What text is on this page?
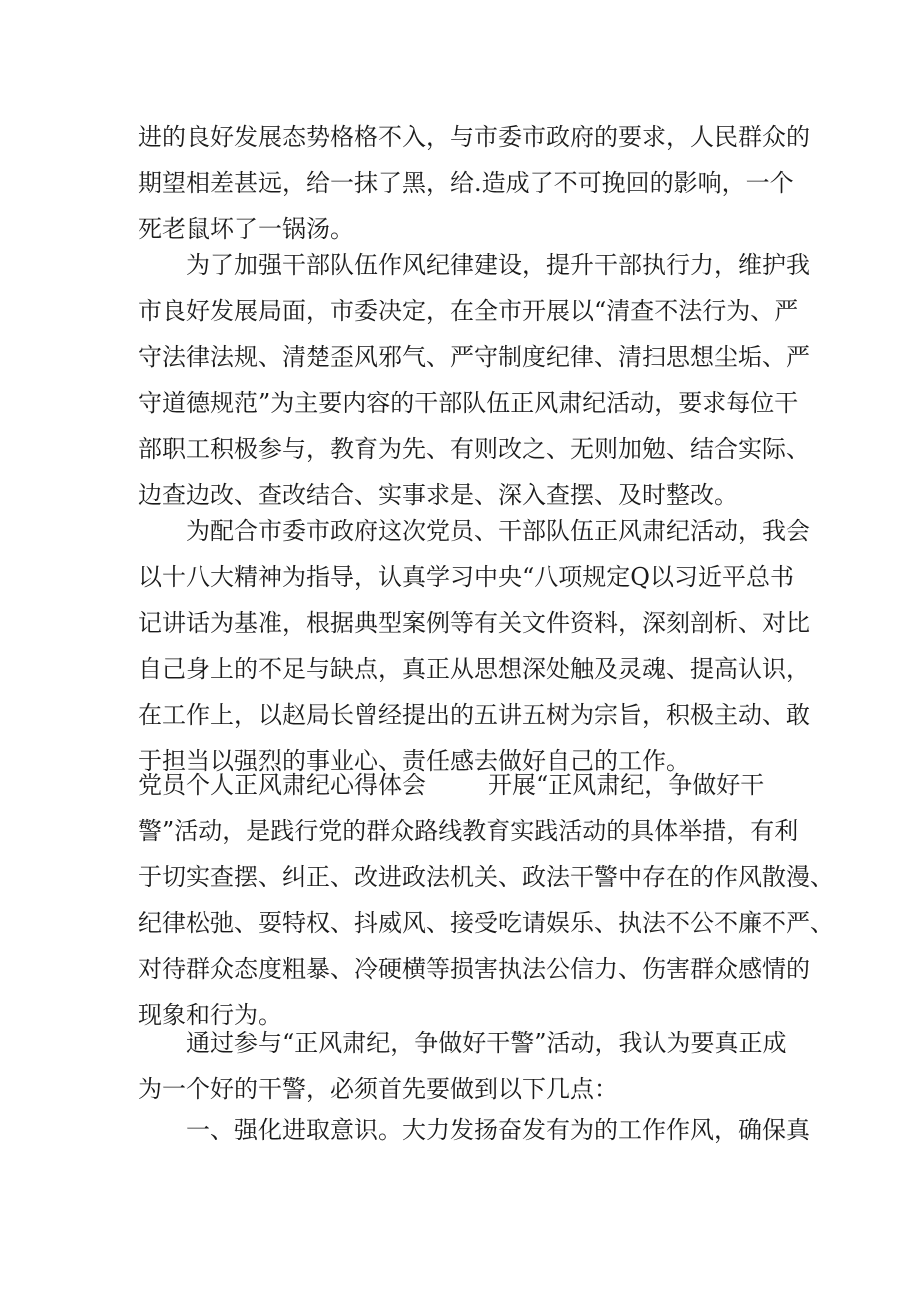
进的良好发展态势格格不入，与市委市政府的要求，人民群众的
期望相差甚远，给一抹了黑，给.造成了不可挽回的影响，一个
死老鼠坏了一锅汤。
为了加强干部队伍作风纪律建设，提升干部执行力，维护我
市良好发展局面，市委决定，在全市开展以“清查不法行为、严
守法律法规、清楚歪风邪气、严守制度纪律、清扫思想尘垢、严
守道德规范”为主要内容的干部队伍正风肃纪活动，要求每位干
部职工积极参与，教育为先、有则改之、无则加勉、结合实际、
边查边改、查改结合、实事求是、深入查摆、及时整改。
为配合市委市政府这次党员、干部队伍正风肃纪活动，我会
以十八大精神为指导，认真学习中央“八项规定Q以习近平总书
记讲话为基准，根据典型案例等有关文件资料，深刻剖析、对比
自己身上的不足与缺点，真正从思想深处触及灵魂、提高认识，
在工作上，以赵局长曾经提出的五讲五树为宗旨，积极主动、敢
于担当以强烈的事业心、责任感去做好自己的工作。
党员个人正风肃纪心得体会	开展“正风肃纪，争做好干
警”活动，是践行党的群众路线教育实践活动的具体举措，有利
于切实查摆、纠正、改进政法机关、政法干警中存在的作风散漫、
纪律松弛、耍特权、抖威风、接受吃请娱乐、执法不公不廉不严、
对待群众态度粗暴、冷硬横等损害执法公信力、伤害群众感情的
现象和行为。
通过参与“正风肃纪，争做好干警”活动，我认为要真正成
为一个好的干警，必须首先要做到以下几点：
一、强化进取意识。大力发扬奋发有为的工作作风，确保真
